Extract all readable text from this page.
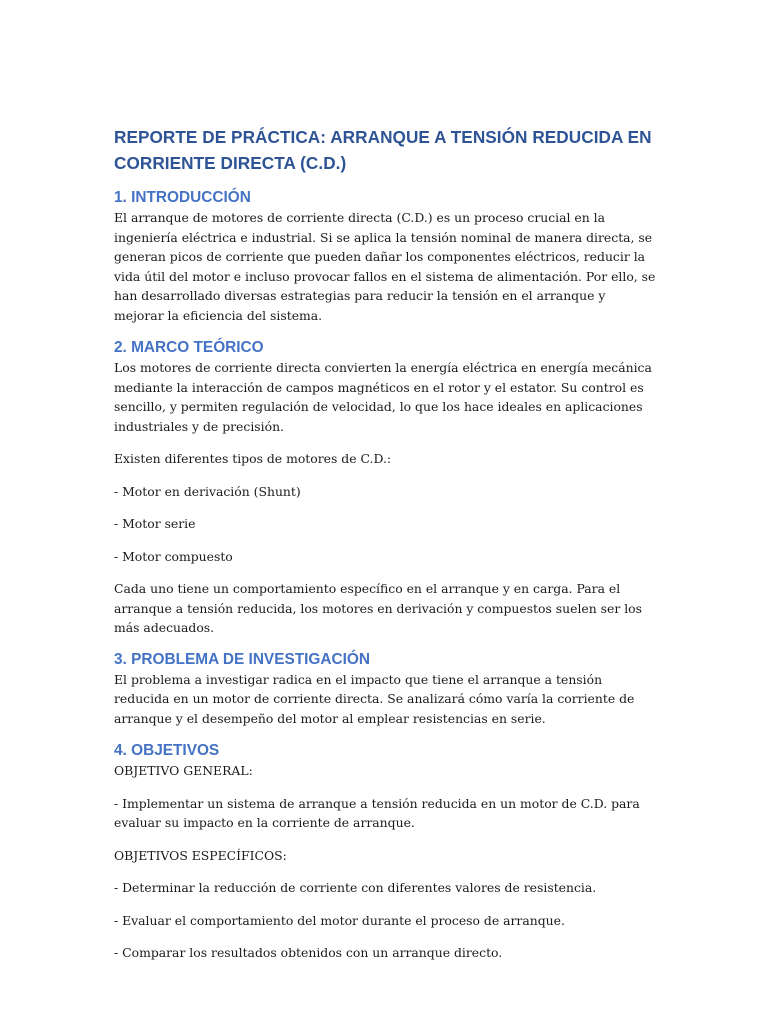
REPORTE DE PRÁCTICA: ARRANQUE A TENSIÓN REDUCIDA EN CORRIENTE DIRECTA (C.D.)
1. INTRODUCCIÓN

El arranque de motores de corriente directa (C.D.) es un proceso crucial en la ingeniería eléctrica e industrial. Si se aplica la tensión nominal de manera directa, se generan picos de corriente que pueden dañar los componentes eléctricos, reducir la vida útil del motor e incluso provocar fallos en el sistema de alimentación. Por ello, se han desarrollado diversas estrategias para reducir la tensión en el arranque y mejorar la eficiencia del sistema.

2. MARCO TEÓRICO

Los motores de corriente directa convierten la energía eléctrica en energía mecánica mediante la interacción de campos magnéticos en el rotor y el estator. Su control es sencillo, y permiten regulación de velocidad, lo que los hace ideales en aplicaciones industriales y de precisión.

Existen diferentes tipos de motores de C.D.:

- Motor en derivación (Shunt)

- Motor serie

- Motor compuesto

Cada uno tiene un comportamiento específico en el arranque y en carga. Para el arranque a tensión reducida, los motores en derivación y compuestos suelen ser los más adecuados.

3. PROBLEMA DE INVESTIGACIÓN

El problema a investigar radica en el impacto que tiene el arranque a tensión reducida en un motor de corriente directa. Se analizará cómo varía la corriente de arranque y el desempeño del motor al emplear resistencias en serie.

4. OBJETIVOS

OBJETIVO GENERAL:

- Implementar un sistema de arranque a tensión reducida en un motor de C.D. para evaluar su impacto en la corriente de arranque.

OBJETIVOS ESPECÍFICOS:

- Determinar la reducción de corriente con diferentes valores de resistencia.

- Evaluar el comportamiento del motor durante el proceso de arranque.

- Comparar los resultados obtenidos con un arranque directo.
